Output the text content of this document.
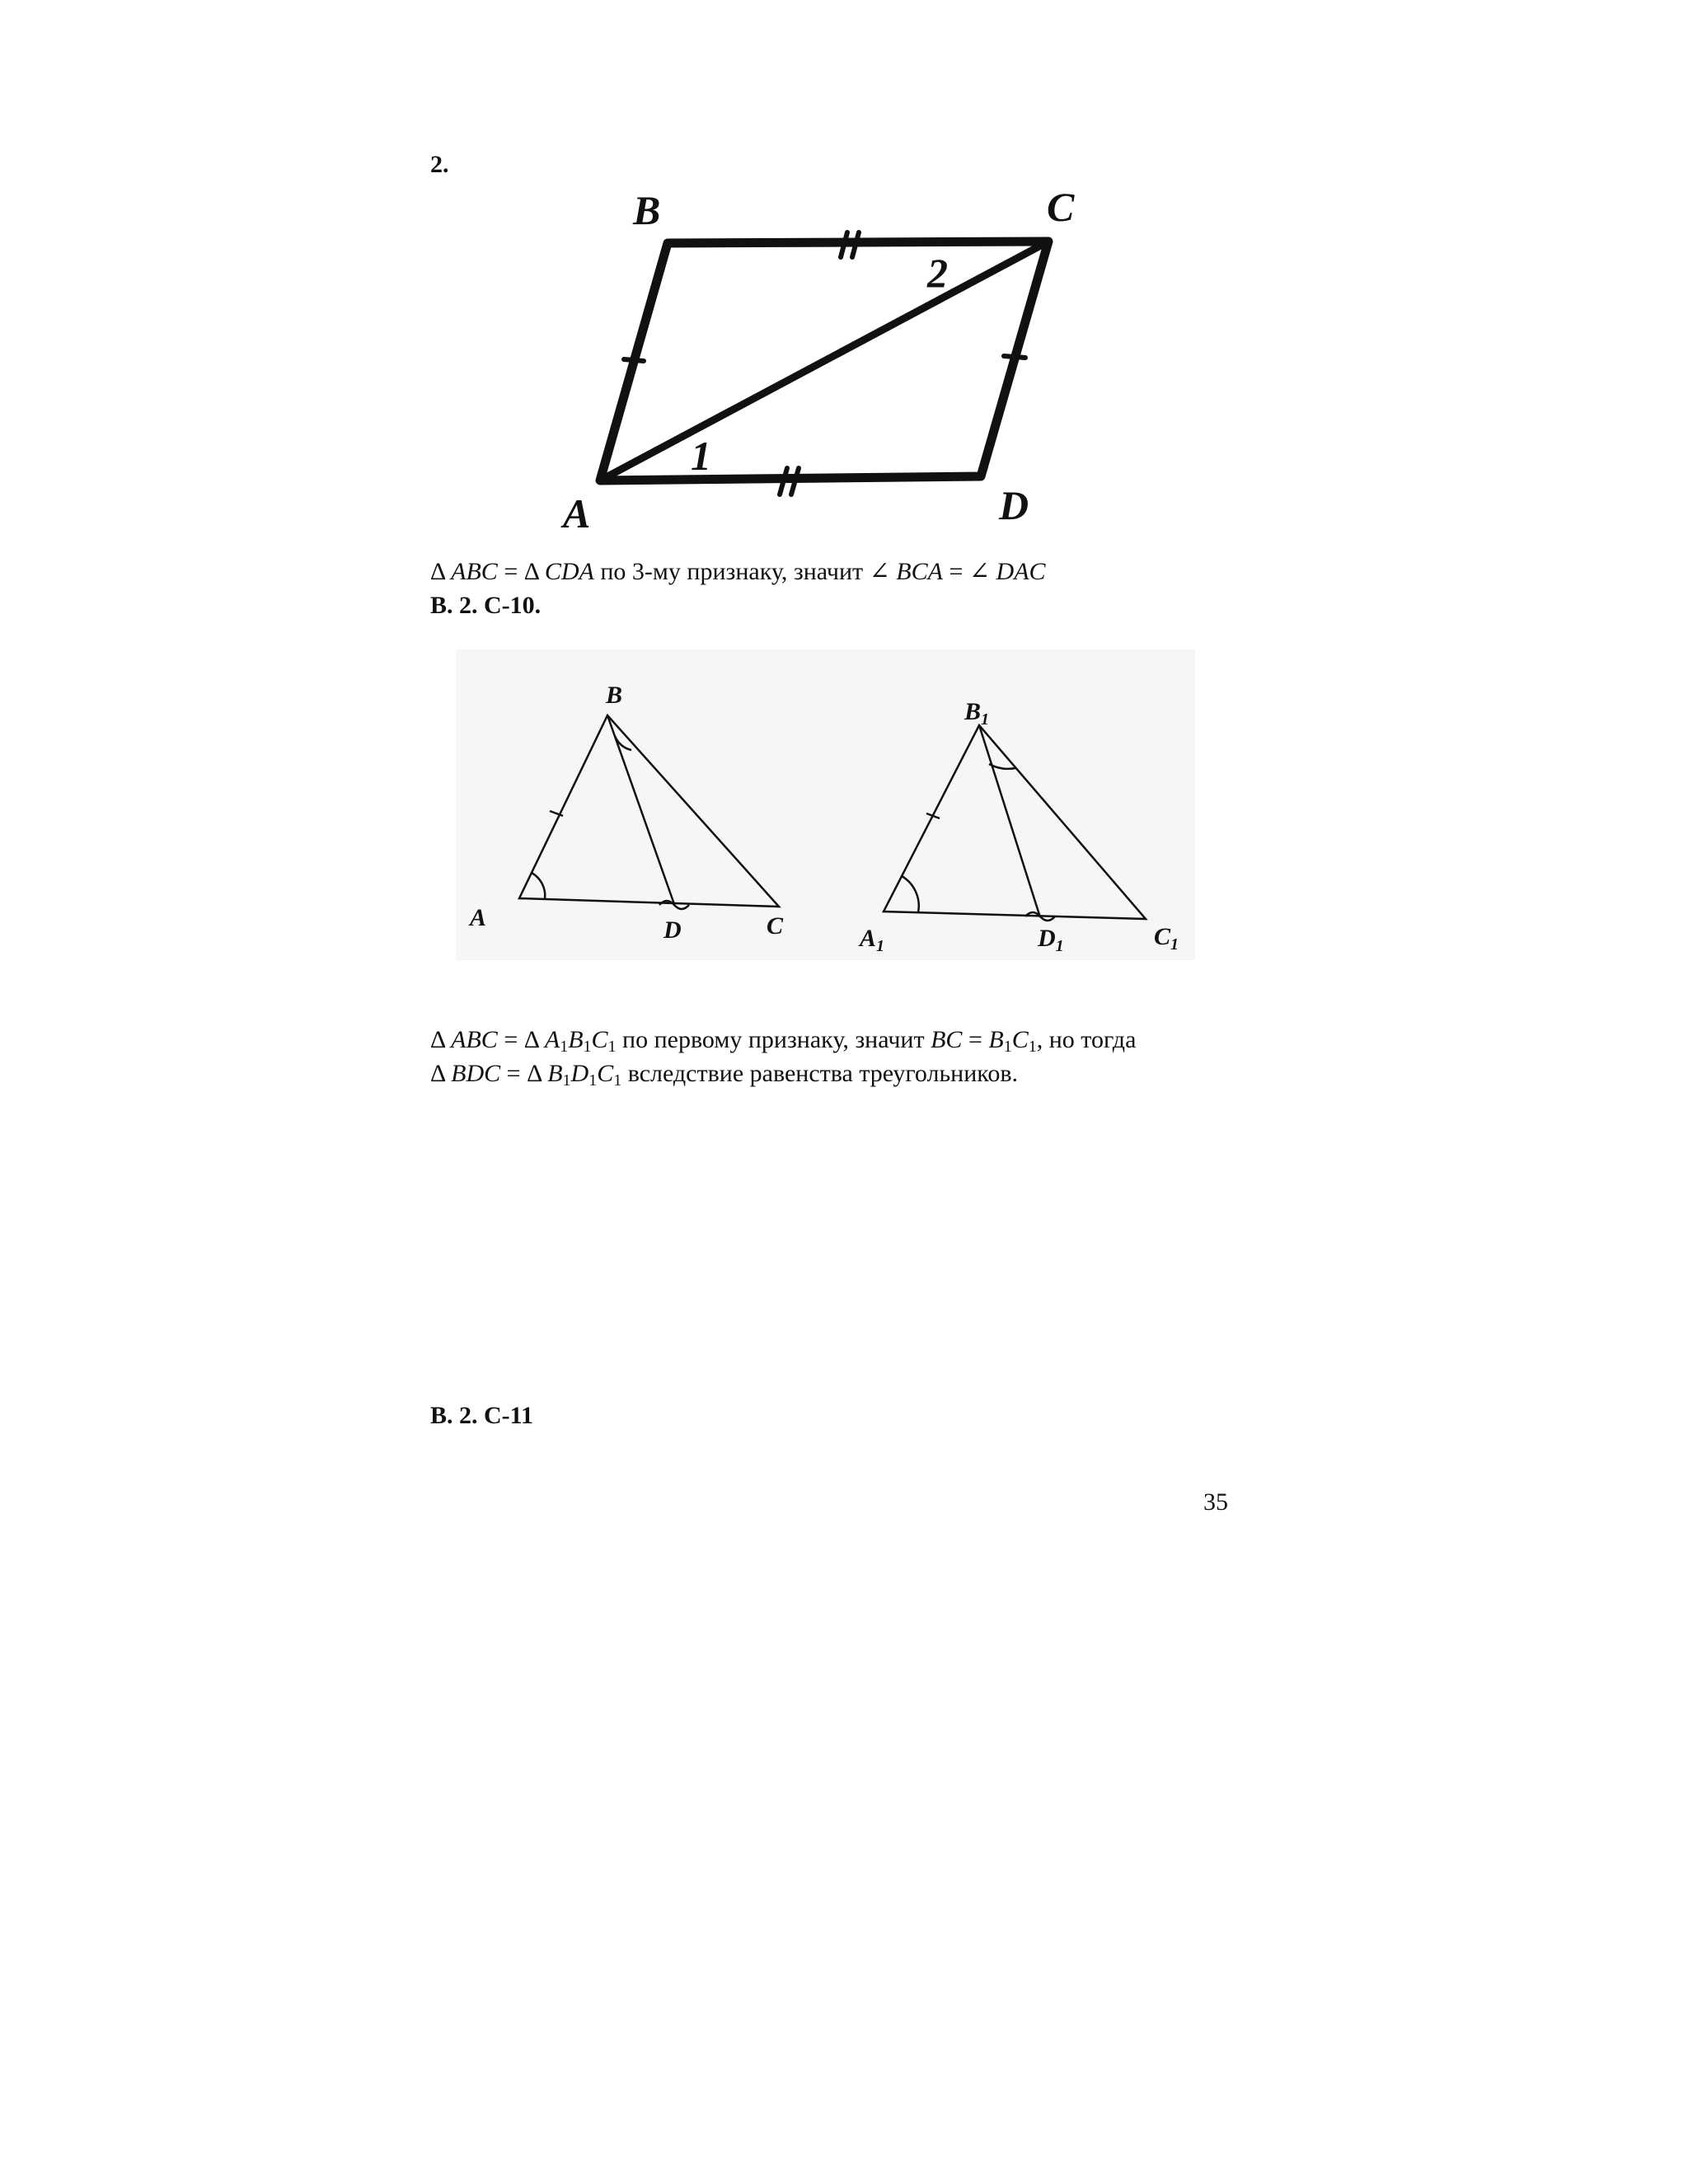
2.
B	C
A	D
1
2
Δ ABC = Δ CDA по 3-му признаку, значит ∠ BCA = ∠ DAC
В. 2. С-10.
B
A	D	C
$B_1$
$A_1$	$D_1$	$C_1$
Δ ABC = Δ $A_1B_1C_1$ по первому признаку, значит BC = $B_1C_1$, но тогда
Δ BDC = Δ $B_1D_1C_1$ вследствие равенства треугольников.
В. 2. С-11
35
